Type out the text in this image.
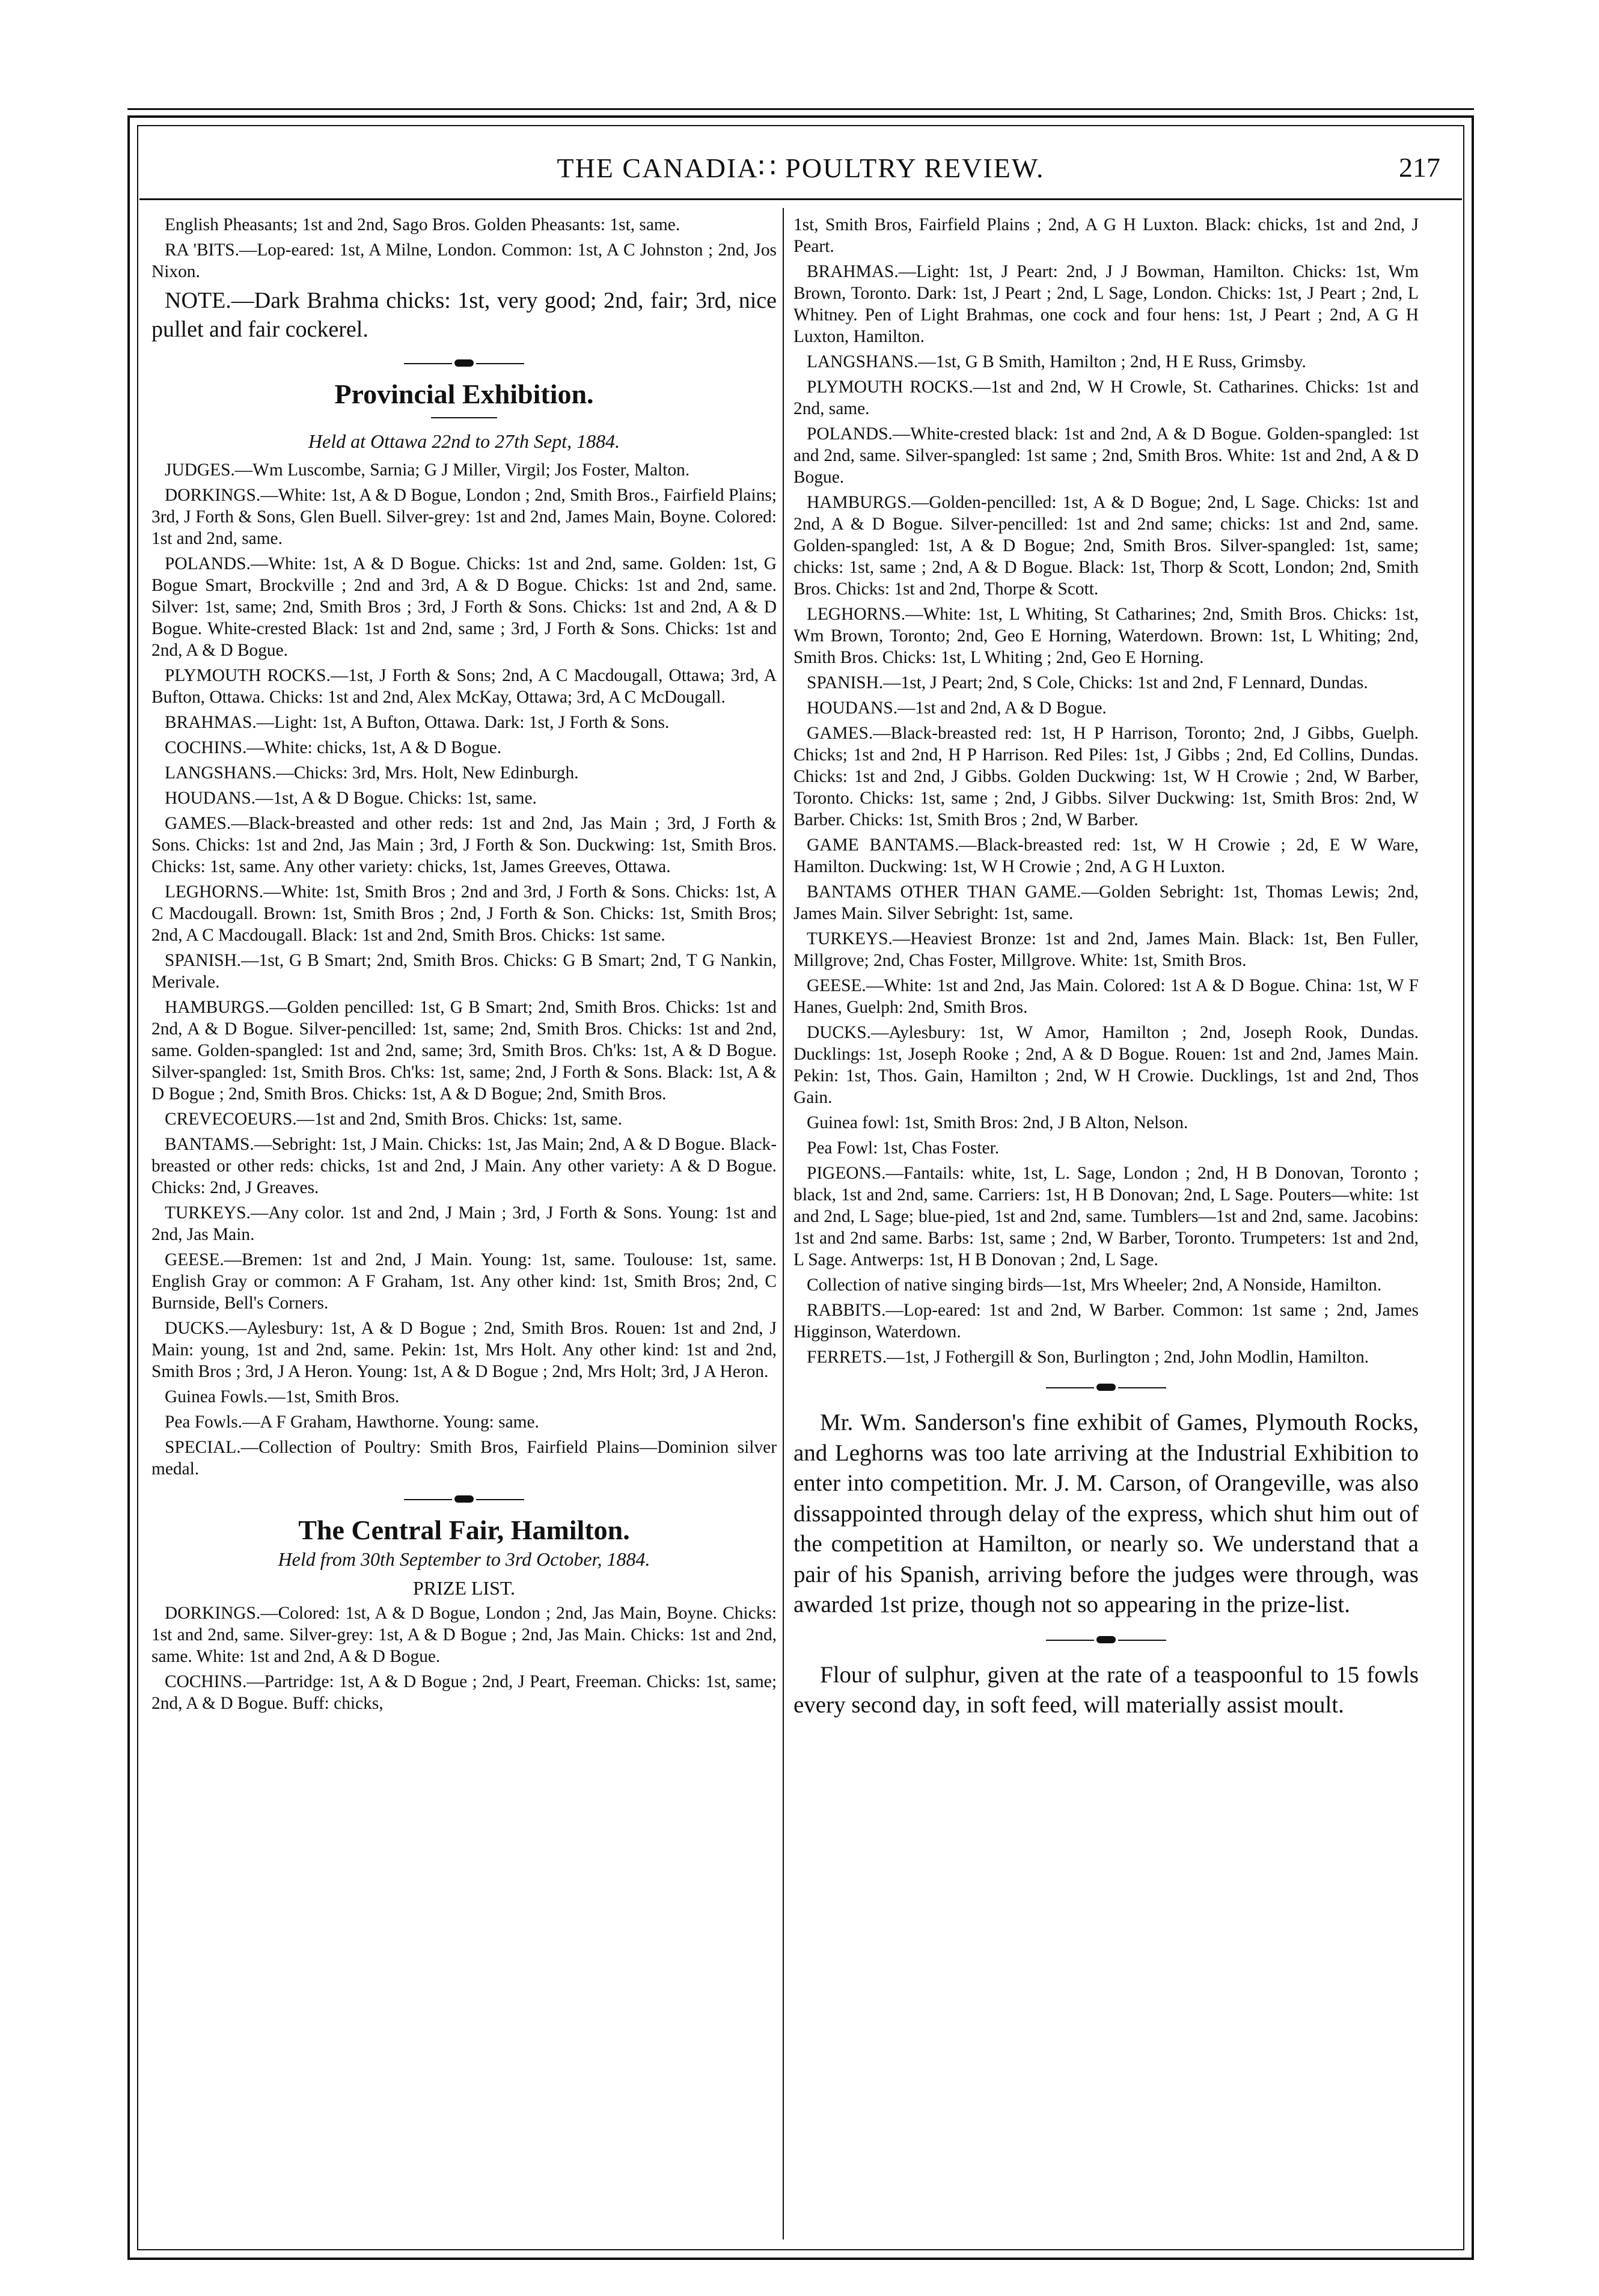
THE CANADIA∷ POULTRY REVIEW.	217

English Pheasants; 1st and 2nd, Sago Bros. Golden Pheasants: 1st, same.

RA 'BITS.—Lop-eared: 1st, A Milne, London. Common: 1st, A C Johnston ; 2nd, Jos Nixon.

NOTE.—Dark Brahma chicks: 1st, very good; 2nd, fair; 3rd, nice pullet and fair cockerel.

Provincial Exhibition.
Held at Ottawa 22nd to 27th Sept, 1884.

JUDGES.—Wm Luscombe, Sarnia; G J Miller, Virgil; Jos Foster, Malton.

DORKINGS.—White: 1st, A & D Bogue, London ; 2nd, Smith Bros., Fairfield Plains; 3rd, J Forth & Sons, Glen Buell. Silver-grey: 1st and 2nd, James Main, Boyne. Colored: 1st and 2nd, same.

POLANDS.—White: 1st, A & D Bogue. Chicks: 1st and 2nd, same. Golden: 1st, G Bogue Smart, Brockville ; 2nd and 3rd, A & D Bogue. Chicks: 1st and 2nd, same. Silver: 1st, same; 2nd, Smith Bros ; 3rd, J Forth & Sons. Chicks: 1st and 2nd, A & D Bogue. White-crested Black: 1st and 2nd, same ; 3rd, J Forth & Sons. Chicks: 1st and 2nd, A & D Bogue.

PLYMOUTH ROCKS.—1st, J Forth & Sons; 2nd, A C Macdougall, Ottawa; 3rd, A Bufton, Ottawa. Chicks: 1st and 2nd, Alex McKay, Ottawa; 3rd, A C McDougall.

BRAHMAS.—Light: 1st, A Bufton, Ottawa. Dark: 1st, J Forth & Sons.

COCHINS.—White: chicks, 1st, A & D Bogue.

LANGSHANS.—Chicks: 3rd, Mrs. Holt, New Edinburgh.

HOUDANS.—1st, A & D Bogue. Chicks: 1st, same.

GAMES.—Black-breasted and other reds: 1st and 2nd, Jas Main ; 3rd, J Forth & Sons. Chicks: 1st and 2nd, Jas Main ; 3rd, J Forth & Son. Duckwing: 1st, Smith Bros. Chicks: 1st, same. Any other variety: chicks, 1st, James Greeves, Ottawa.

LEGHORNS.—White: 1st, Smith Bros ; 2nd and 3rd, J Forth & Sons. Chicks: 1st, A C Macdougall. Brown: 1st, Smith Bros ; 2nd, J Forth & Son. Chicks: 1st, Smith Bros; 2nd, A C Macdougall. Black: 1st and 2nd, Smith Bros. Chicks: 1st same.

SPANISH.—1st, G B Smart; 2nd, Smith Bros. Chicks: G B Smart; 2nd, T G Nankin, Merivale.

HAMBURGS.—Golden pencilled: 1st, G B Smart; 2nd, Smith Bros. Chicks: 1st and 2nd, A & D Bogue. Silver-pencilled: 1st, same; 2nd, Smith Bros. Chicks: 1st and 2nd, same. Golden-spangled: 1st and 2nd, same; 3rd, Smith Bros. Ch'ks: 1st, A & D Bogue. Silver-spangled: 1st, Smith Bros. Ch'ks: 1st, same; 2nd, J Forth & Sons. Black: 1st, A & D Bogue ; 2nd, Smith Bros. Chicks: 1st, A & D Bogue; 2nd, Smith Bros.

CREVECOEURS.—1st and 2nd, Smith Bros. Chicks: 1st, same.

BANTAMS.—Sebright: 1st, J Main. Chicks: 1st, Jas Main; 2nd, A & D Bogue. Black-breasted or other reds: chicks, 1st and 2nd, J Main. Any other variety: A & D Bogue. Chicks: 2nd, J Greaves.

TURKEYS.—Any color. 1st and 2nd, J Main ; 3rd, J Forth & Sons. Young: 1st and 2nd, Jas Main.

GEESE.—Bremen: 1st and 2nd, J Main. Young: 1st, same. Toulouse: 1st, same. English Gray or common: A F Graham, 1st. Any other kind: 1st, Smith Bros; 2nd, C Burnside, Bell's Corners.

DUCKS.—Aylesbury: 1st, A & D Bogue ; 2nd, Smith Bros. Rouen: 1st and 2nd, J Main: young, 1st and 2nd, same. Pekin: 1st, Mrs Holt. Any other kind: 1st and 2nd, Smith Bros ; 3rd, J A Heron. Young: 1st, A & D Bogue ; 2nd, Mrs Holt; 3rd, J A Heron.

Guinea Fowls.—1st, Smith Bros.

Pea Fowls.—A F Graham, Hawthorne. Young: same.

SPECIAL.—Collection of Poultry: Smith Bros, Fairfield Plains—Dominion silver medal.

The Central Fair, Hamilton.
Held from 30th September to 3rd October, 1884.
PRIZE LIST.

DORKINGS.—Colored: 1st, A & D Bogue, London ; 2nd, Jas Main, Boyne. Chicks: 1st and 2nd, same. Silver-grey: 1st, A & D Bogue ; 2nd, Jas Main. Chicks: 1st and 2nd, same. White: 1st and 2nd, A & D Bogue.

COCHINS.—Partridge: 1st, A & D Bogue ; 2nd, J Peart, Freeman. Chicks: 1st, same; 2nd, A & D Bogue. Buff: chicks,

1st, Smith Bros, Fairfield Plains ; 2nd, A G H Luxton. Black: chicks, 1st and 2nd, J Peart.

BRAHMAS.—Light: 1st, J Peart: 2nd, J J Bowman, Hamilton. Chicks: 1st, Wm Brown, Toronto. Dark: 1st, J Peart ; 2nd, L Sage, London. Chicks: 1st, J Peart ; 2nd, L Whitney. Pen of Light Brahmas, one cock and four hens: 1st, J Peart ; 2nd, A G H Luxton, Hamilton.

LANGSHANS.—1st, G B Smith, Hamilton ; 2nd, H E Russ, Grimsby.

PLYMOUTH ROCKS.—1st and 2nd, W H Crowle, St. Catharines. Chicks: 1st and 2nd, same.

POLANDS.—White-crested black: 1st and 2nd, A & D Bogue. Golden-spangled: 1st and 2nd, same. Silver-spangled: 1st same ; 2nd, Smith Bros. White: 1st and 2nd, A & D Bogue.

HAMBURGS.—Golden-pencilled: 1st, A & D Bogue; 2nd, L Sage. Chicks: 1st and 2nd, A & D Bogue. Silver-pencilled: 1st and 2nd same; chicks: 1st and 2nd, same. Golden-spangled: 1st, A & D Bogue; 2nd, Smith Bros. Silver-spangled: 1st, same; chicks: 1st, same ; 2nd, A & D Bogue. Black: 1st, Thorp & Scott, London; 2nd, Smith Bros. Chicks: 1st and 2nd, Thorpe & Scott.

LEGHORNS.—White: 1st, L Whiting, St Catharines; 2nd, Smith Bros. Chicks: 1st, Wm Brown, Toronto; 2nd, Geo E Horning, Waterdown. Brown: 1st, L Whiting; 2nd, Smith Bros. Chicks: 1st, L Whiting ; 2nd, Geo E Horning.

SPANISH.—1st, J Peart; 2nd, S Cole, Chicks: 1st and 2nd, F Lennard, Dundas.

HOUDANS.—1st and 2nd, A & D Bogue.

GAMES.—Black-breasted red: 1st, H P Harrison, Toronto; 2nd, J Gibbs, Guelph. Chicks; 1st and 2nd, H P Harrison. Red Piles: 1st, J Gibbs ; 2nd, Ed Collins, Dundas. Chicks: 1st and 2nd, J Gibbs. Golden Duckwing: 1st, W H Crowie ; 2nd, W Barber, Toronto. Chicks: 1st, same ; 2nd, J Gibbs. Silver Duckwing: 1st, Smith Bros: 2nd, W Barber. Chicks: 1st, Smith Bros ; 2nd, W Barber.

GAME BANTAMS.—Black-breasted red: 1st, W H Crowie ; 2d, E W Ware, Hamilton. Duckwing: 1st, W H Crowie ; 2nd, A G H Luxton.

BANTAMS OTHER THAN GAME.—Golden Sebright: 1st, Thomas Lewis; 2nd, James Main. Silver Sebright: 1st, same.

TURKEYS.—Heaviest Bronze: 1st and 2nd, James Main. Black: 1st, Ben Fuller, Millgrove; 2nd, Chas Foster, Millgrove. White: 1st, Smith Bros.

GEESE.—White: 1st and 2nd, Jas Main. Colored: 1st A & D Bogue. China: 1st, W F Hanes, Guelph: 2nd, Smith Bros.

DUCKS.—Aylesbury: 1st, W Amor, Hamilton ; 2nd, Joseph Rook, Dundas. Ducklings: 1st, Joseph Rooke ; 2nd, A & D Bogue. Rouen: 1st and 2nd, James Main. Pekin: 1st, Thos. Gain, Hamilton ; 2nd, W H Crowie. Ducklings, 1st and 2nd, Thos Gain.

Guinea fowl: 1st, Smith Bros: 2nd, J B Alton, Nelson.

Pea Fowl: 1st, Chas Foster.

PIGEONS.—Fantails: white, 1st, L. Sage, London ; 2nd, H B Donovan, Toronto ; black, 1st and 2nd, same. Carriers: 1st, H B Donovan; 2nd, L Sage. Pouters—white: 1st and 2nd, L Sage; blue-pied, 1st and 2nd, same. Tumblers—1st and 2nd, same. Jacobins: 1st and 2nd same. Barbs: 1st, same ; 2nd, W Barber, Toronto. Trumpeters: 1st and 2nd, L Sage. Antwerps: 1st, H B Donovan ; 2nd, L Sage.

Collection of native singing birds—1st, Mrs Wheeler; 2nd, A Nonside, Hamilton.

RABBITS.—Lop-eared: 1st and 2nd, W Barber. Common: 1st same ; 2nd, James Higginson, Waterdown.

FERRETS.—1st, J Fothergill & Son, Burlington ; 2nd, John Modlin, Hamilton.

Mr. Wm. Sanderson's fine exhibit of Games, Plymouth Rocks, and Leghorns was too late arriving at the Industrial Exhibition to enter into competition. Mr. J. M. Carson, of Orangeville, was also dissappointed through delay of the express, which shut him out of the competition at Hamilton, or nearly so. We understand that a pair of his Spanish, arriving before the judges were through, was awarded 1st prize, though not so appearing in the prize-list.

Flour of sulphur, given at the rate of a teaspoonful to 15 fowls every second day, in soft feed, will materially assist moult.
